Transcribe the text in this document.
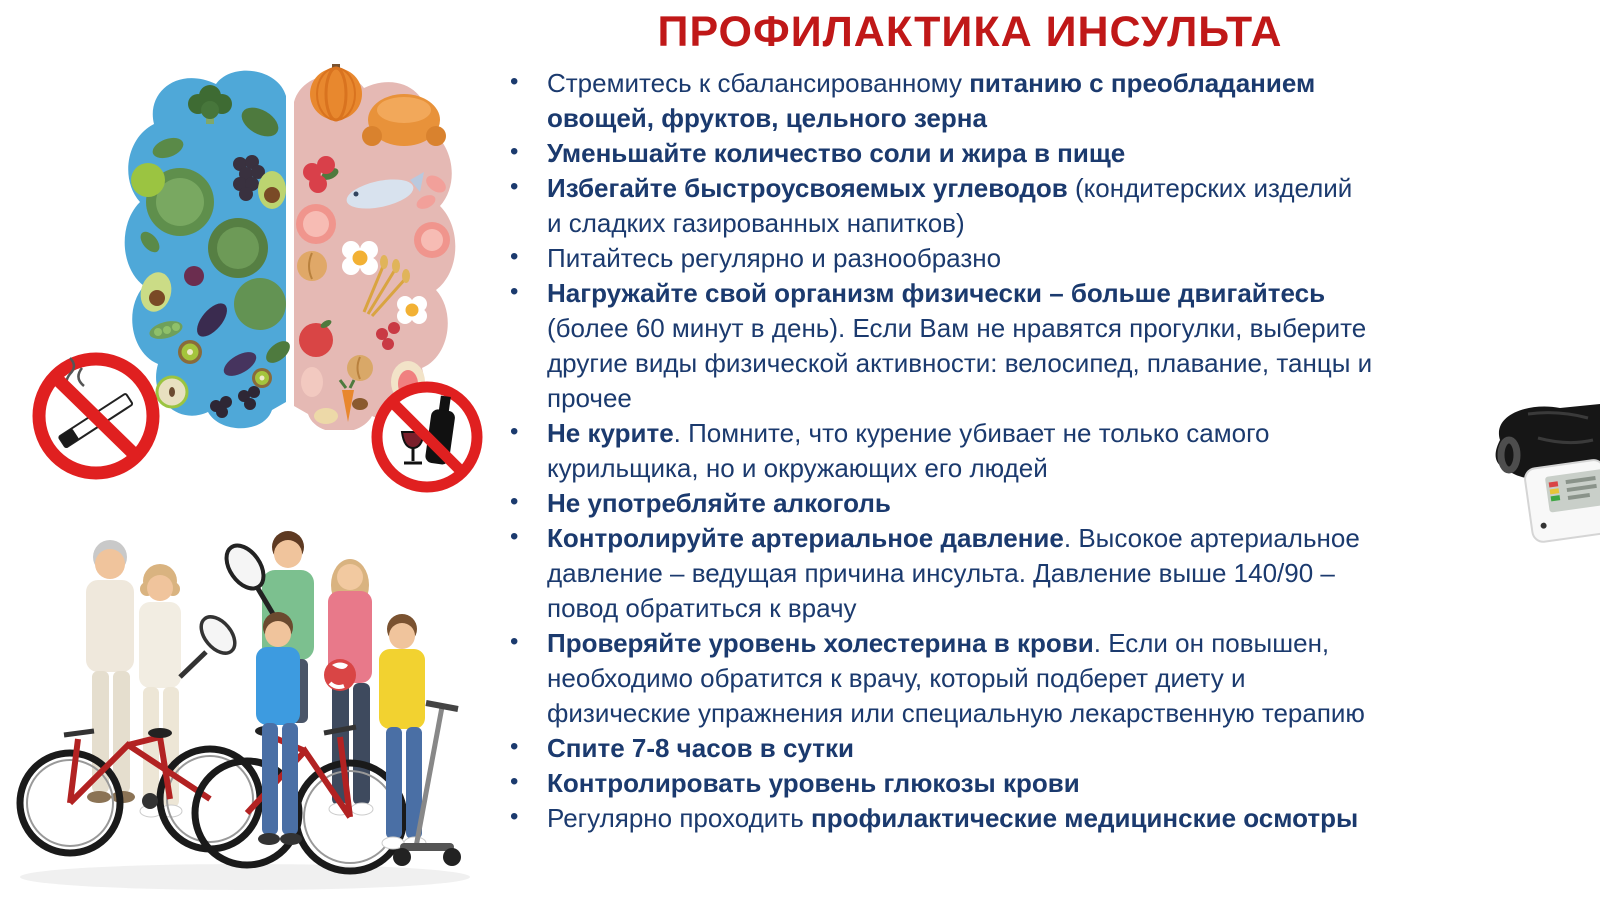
ПРОФИЛАКТИКА ИНСУЛЬТА
• Стремитесь к сбалансированному питанию с преобладанием
овощей, фруктов, цельного зерна
• Уменьшайте количество соли и жира в пище
• Избегайте быстроусвояемых углеводов (кондитерских изделий
и сладких газированных напитков)
• Питайтесь регулярно и разнообразно
• Нагружайте свой организм физически – больше двигайтесь
(более 60 минут в день). Если Вам не нравятся прогулки, выберите
другие виды физической активности: велосипед, плавание, танцы и
прочее
• Не курите. Помните, что курение убивает не только самого
курильщика, но и окружающих его людей
• Не употребляйте алкоголь
• Контролируйте артериальное давление. Высокое артериальное
давление – ведущая причина инсульта. Давление выше 140/90 –
повод обратиться к врачу
• Проверяйте уровень холестерина в крови. Если он повышен,
необходимо обратится к врачу, который подберет диету и
физические упражнения или специальную лекарственную терапию
• Спите 7-8 часов в сутки
• Контролировать уровень глюкозы крови
• Регулярно проходить профилактические медицинские осмотры
